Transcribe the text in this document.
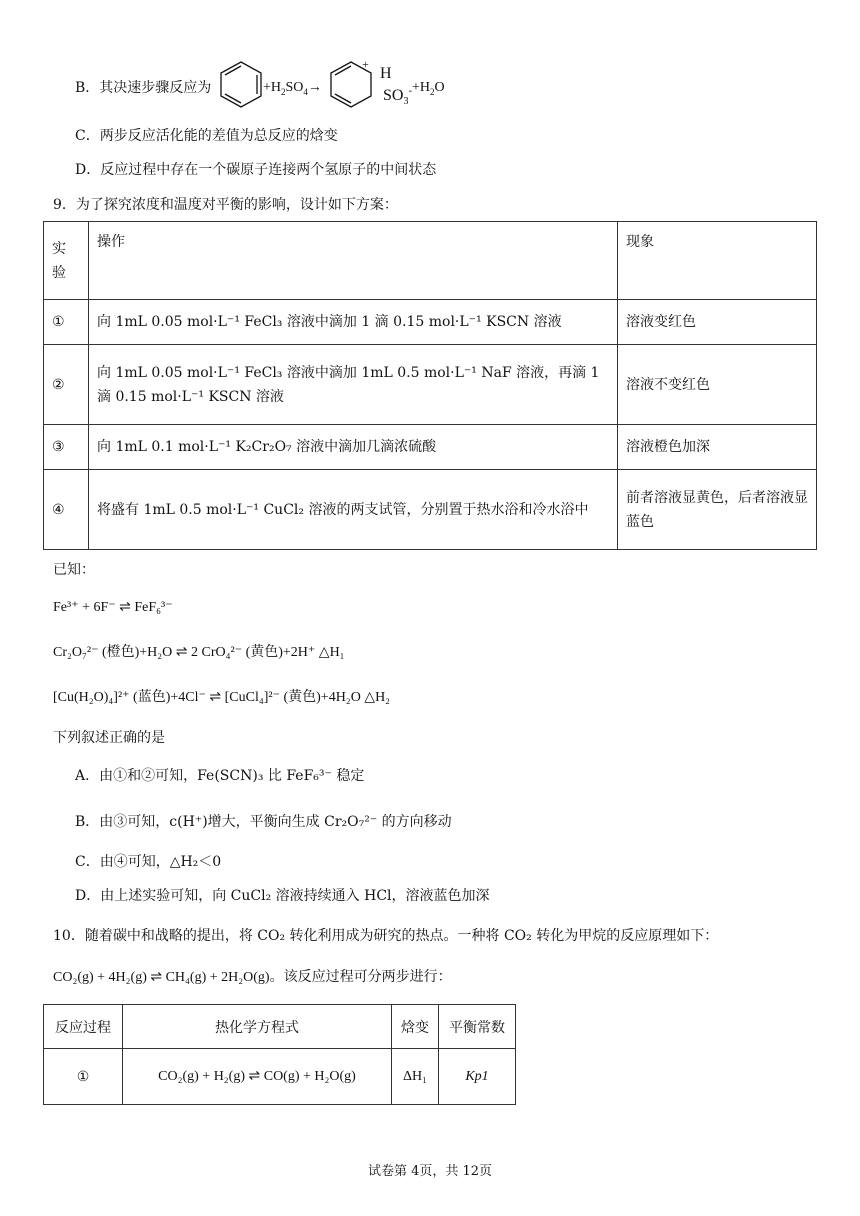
B．其决速步骤反应为	$+H_2SO_4\to$
+
H
$SO_3^- +H_2O$
C．两步反应活化能的差值为总反应的焓变
D．反应过程中存在一个碳原子连接两个氢原子的中间状态
9．为了探究浓度和温度对平衡的影响，设计如下方案：
实
验	操作	现象
①	向 1mL 0.05 mol·L⁻¹ FeCl₃ 溶液中滴加 1 滴 0.15 mol·L⁻¹ KSCN 溶液	溶液变红色
②	向 1mL 0.05 mol·L⁻¹ FeCl₃ 溶液中滴加 1mL 0.5 mol·L⁻¹ NaF 溶液，再滴 1 滴 0.15 mol·L⁻¹ KSCN 溶液	溶液不变红色
③	向 1mL 0.1 mol·L⁻¹ K₂Cr₂O₇ 溶液中滴加几滴浓硫酸	溶液橙色加深
④	将盛有 1mL 0.5 mol·L⁻¹ CuCl₂ 溶液的两支试管，分别置于热水浴和冷水浴中	前者溶液显黄色，后者溶液显蓝色
已知：
Fe³⁺ + 6F⁻ ⇌ FeF₆³⁻
Cr₂O₇²⁻ (橙色)+H₂O ⇌ 2 CrO₄²⁻ (黄色)+2H⁺ △H₁
[Cu(H₂O)₄]²⁺ (蓝色)+4Cl⁻ ⇌ [CuCl₄]²⁻ (黄色)+4H₂O △H₂
下列叙述正确的是
A．由①和②可知，Fe(SCN)₃ 比 FeF₆³⁻ 稳定
B．由③可知，c(H⁺)增大，平衡向生成 Cr₂O₇²⁻ 的方向移动
C．由④可知，△H₂＜0
D．由上述实验可知，向 CuCl₂ 溶液持续通入 HCl，溶液蓝色加深
10．随着碳中和战略的提出，将 CO₂ 转化利用成为研究的热点。一种将 CO₂ 转化为甲烷的反应原理如下：
CO₂(g) + 4H₂(g) ⇌ CH₄(g) + 2H₂O(g)。该反应过程可分两步进行：
反应过程	热化学方程式	焓变	平衡常数
①	CO₂(g) + H₂(g) ⇌ CO(g) + H₂O(g)	ΔH₁	Kp1
试卷第 4页，共 12页
